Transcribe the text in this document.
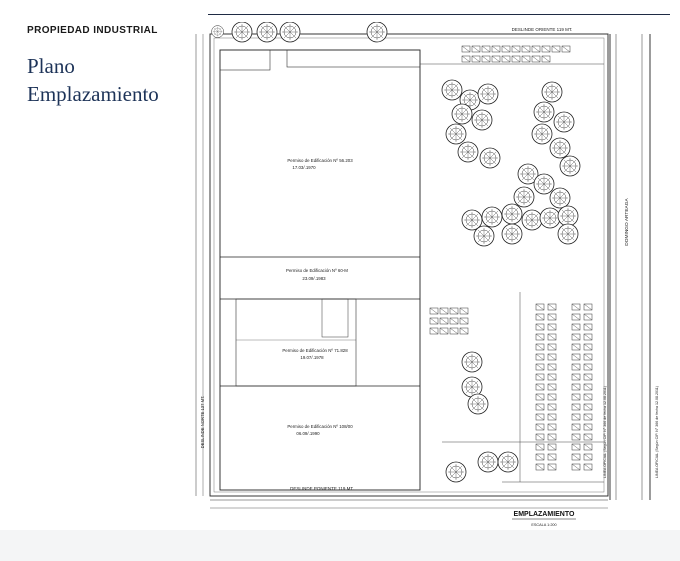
PROPIEDAD INDUSTRIAL
Plano
Emplazamiento
Permiso de Edificación Nº 56.203
17.03/.1970
Permiso de Edificación Nº 60-M
23.09/.1983
Permiso de Edificación Nº 71.828
19.07/.1978
Permiso de Edificación Nº 108/00
06.09/.1990
DESLINDE ORIENTE 119 MT.
DESLINDE PONIENTE 119 MT.
DESLINDE NORTE 137 MT.
DOMINGO ARTEAGA
LINEA OFICIAL (Según CIP. N° 366 de fecha 12.08.2011)	LINEA OFICIAL (Según CIP. N° 366 de fecha 12.08.2011)
EMPLAZAMIENTO
ESCALA 1:200
